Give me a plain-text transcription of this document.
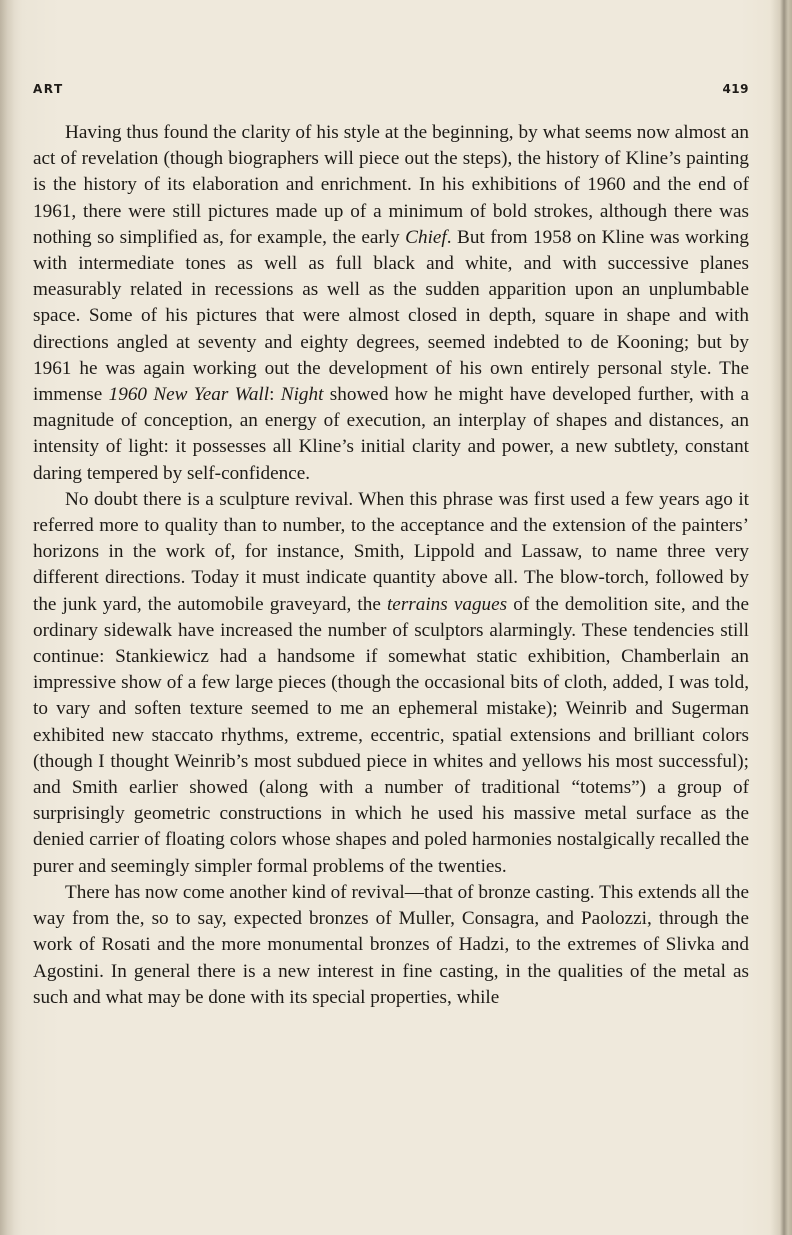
ART	419

Having thus found the clarity of his style at the beginning, by what seems now almost an act of revelation (though biographers will piece out the steps), the history of Kline’s painting is the history of its elaboration and enrichment. In his exhibitions of 1960 and the end of 1961, there were still pictures made up of a minimum of bold strokes, although there was nothing so simplified as, for example, the early Chief. But from 1958 on Kline was working with intermediate tones as well as full black and white, and with successive planes measurably related in recessions as well as the sudden apparition upon an unplumbable space. Some of his pictures that were almost closed in depth, square in shape and with directions angled at seventy and eighty degrees, seemed indebted to de Kooning; but by 1961 he was again working out the development of his own entirely personal style. The immense 1960 New Year Wall: Night showed how he might have developed further, with a magnitude of conception, an energy of execution, an interplay of shapes and distances, an intensity of light: it possesses all Kline’s initial clarity and power, a new subtlety, constant daring tempered by self-confidence.

No doubt there is a sculpture revival. When this phrase was first used a few years ago it referred more to quality than to number, to the acceptance and the extension of the painters’ horizons in the work of, for instance, Smith, Lippold and Lassaw, to name three very different directions. Today it must indicate quantity above all. The blow-torch, followed by the junk yard, the automobile graveyard, the terrains vagues of the demolition site, and the ordinary sidewalk have increased the number of sculptors alarmingly. These tendencies still continue: Stankiewicz had a handsome if somewhat static exhibition, Chamberlain an impressive show of a few large pieces (though the occasional bits of cloth, added, I was told, to vary and soften texture seemed to me an ephemeral mistake); Weinrib and Sugerman exhibited new staccato rhythms, extreme, eccentric, spatial extensions and brilliant colors (though I thought Weinrib’s most subdued piece in whites and yellows his most successful); and Smith earlier showed (along with a number of traditional “totems”) a group of surprisingly geometric constructions in which he used his massive metal surface as the denied carrier of floating colors whose shapes and poled harmonies nostalgically recalled the purer and seemingly simpler formal problems of the twenties.

There has now come another kind of revival—that of bronze casting. This extends all the way from the, so to say, expected bronzes of Muller, Consagra, and Paolozzi, through the work of Rosati and the more monumental bronzes of Hadzi, to the extremes of Slivka and Agostini. In general there is a new interest in fine casting, in the qualities of the metal as such and what may be done with its special properties, while
